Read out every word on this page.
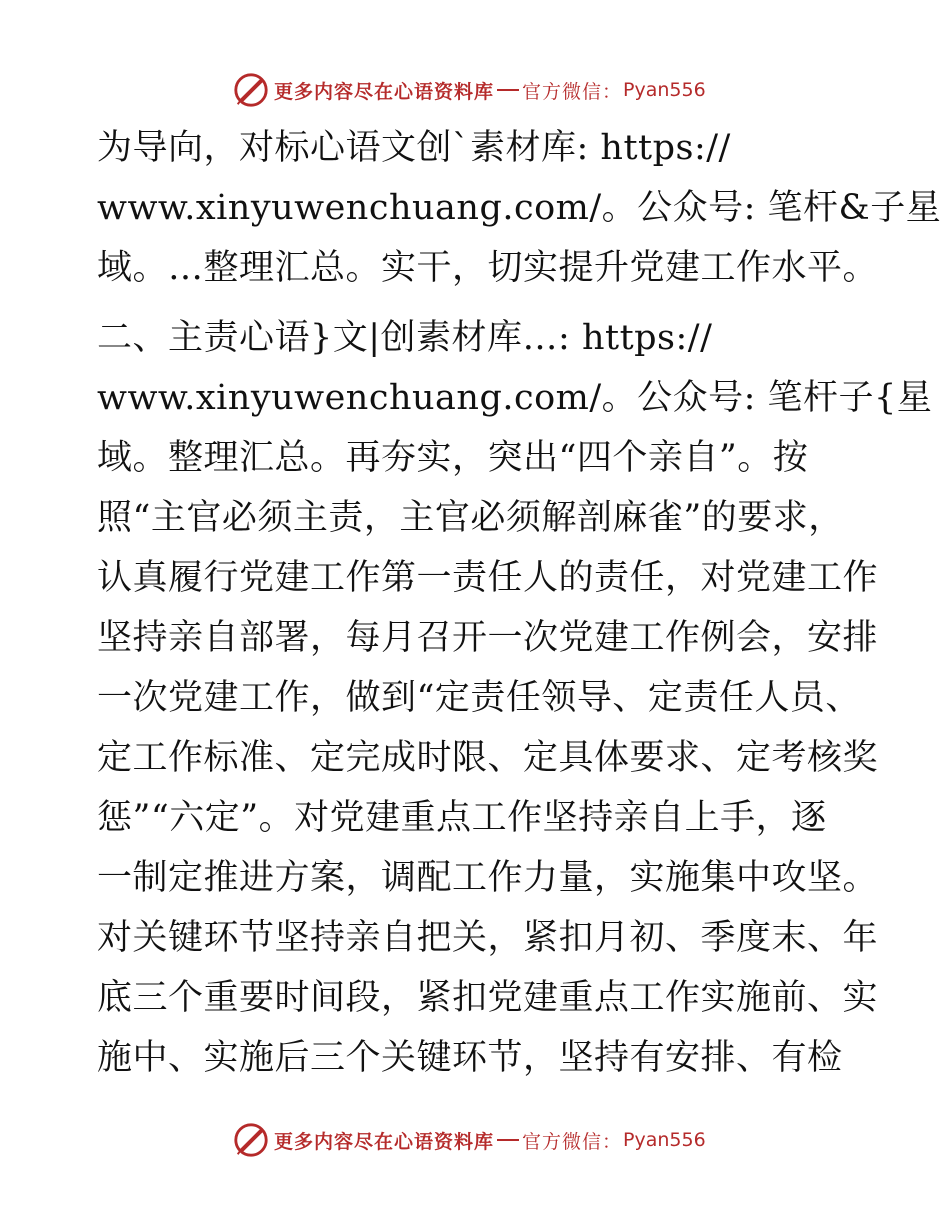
更多内容尽在心语资料库 官方微信 ： Pyan556
为导向，对标心语文创`素材库: https://
www.xinyuwenchuang.com/。公众号: 笔杆&子星
域。…整理汇总。实干，切实提升党建工作水平。
二、主责心语}文|创素材库…: https://
www.xinyuwenchuang.com/。公众号: 笔杆子{星
域。整理汇总。再夯实，突出“四个亲自”。按
照“主官必须主责，主官必须解剖麻雀”的要求，
认真履行党建工作第一责任人的责任，对党建工作
坚持亲自部署，每月召开一次党建工作例会，安排
一次党建工作，做到“定责任领导、定责任人员、
定工作标准、定完成时限、定具体要求、定考核奖
惩”“六定”。对党建重点工作坚持亲自上手，逐
一制定推进方案，调配工作力量，实施集中攻坚。
对关键环节坚持亲自把关，紧扣月初、季度末、年
底三个重要时间段，紧扣党建重点工作实施前、实
施中、实施后三个关键环节，坚持有安排、有检
更多内容尽在心语资料库 官方微信 ： Pyan556
